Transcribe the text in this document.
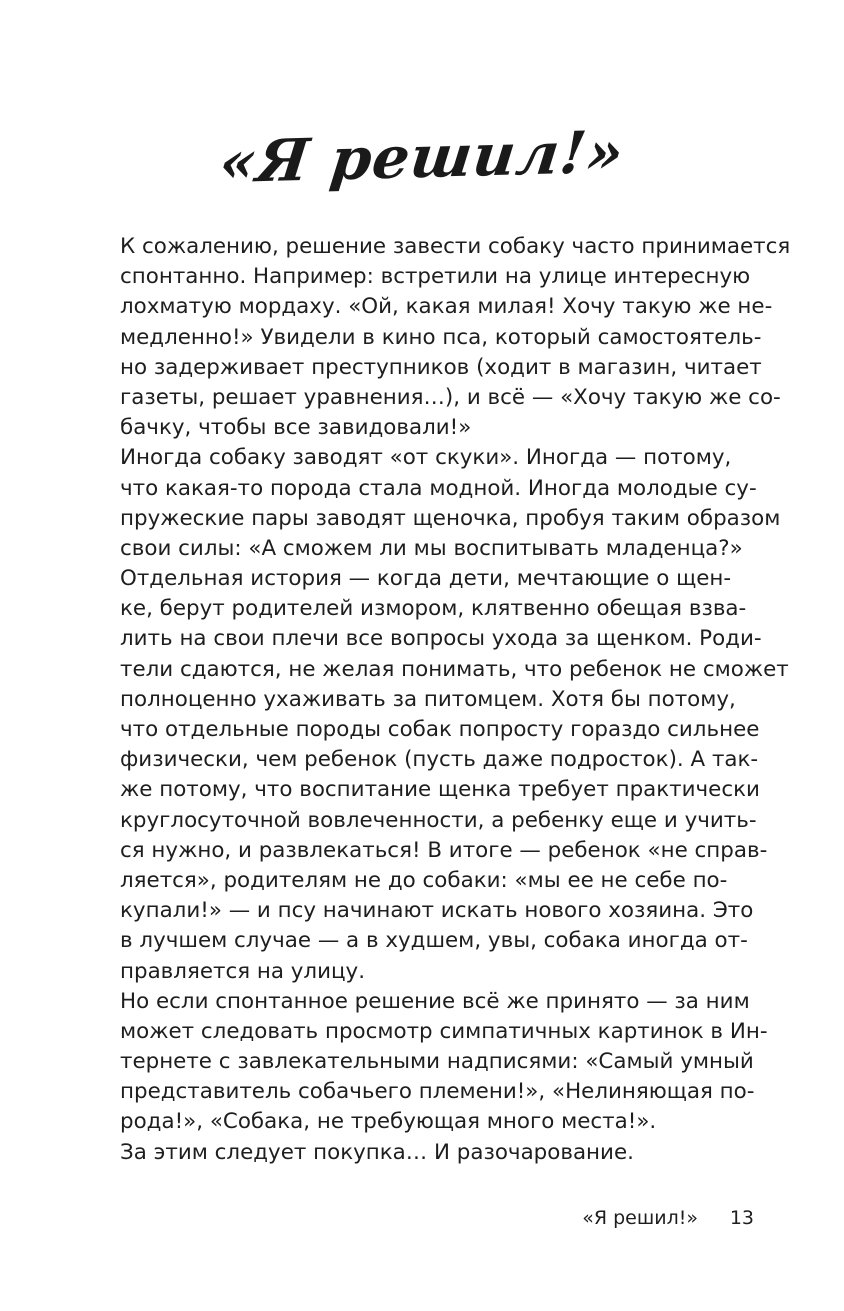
«Я решил!»
К сожалению, решение завести собаку часто принимается
спонтанно. Например: встретили на улице интересную
лохматую мордаху. «Ой, какая милая! Хочу такую же не-
медленно!» Увидели в кино пса, который самостоятель-
но задерживает преступников (ходит в магазин, читает
газеты, решает уравнения…), и всё — «Хочу такую же со-
бачку, чтобы все завидовали!»
Иногда собаку заводят «от скуки». Иногда — потому,
что какая-то порода стала модной. Иногда молодые су-
пружеские пары заводят щеночка, пробуя таким образом
свои силы: «А сможем ли мы воспитывать младенца?»
Отдельная история — когда дети, мечтающие о щен-
ке, берут родителей измором, клятвенно обещая взва-
лить на свои плечи все вопросы ухода за щенком. Роди-
тели сдаются, не желая понимать, что ребенок не сможет
полноценно ухаживать за питомцем. Хотя бы потому,
что отдельные породы собак попросту гораздо сильнее
физически, чем ребенок (пусть даже подросток). А так-
же потому, что воспитание щенка требует практически
круглосуточной вовлеченности, а ребенку еще и учить-
ся нужно, и развлекаться! В итоге — ребенок «не справ-
ляется», родителям не до собаки: «мы ее не себе по-
купали!» — и псу начинают искать нового хозяина. Это
в лучшем случае — а в худшем, увы, собака иногда от-
правляется на улицу.
Но если спонтанное решение всё же принято — за ним
может следовать просмотр симпатичных картинок в Ин-
тернете с завлекательными надписями: «Самый умный
представитель собачьего племени!», «Нелиняющая по-
рода!», «Собака, не требующая много места!».
За этим следует покупка… И разочарование.
«Я решил!» 13
